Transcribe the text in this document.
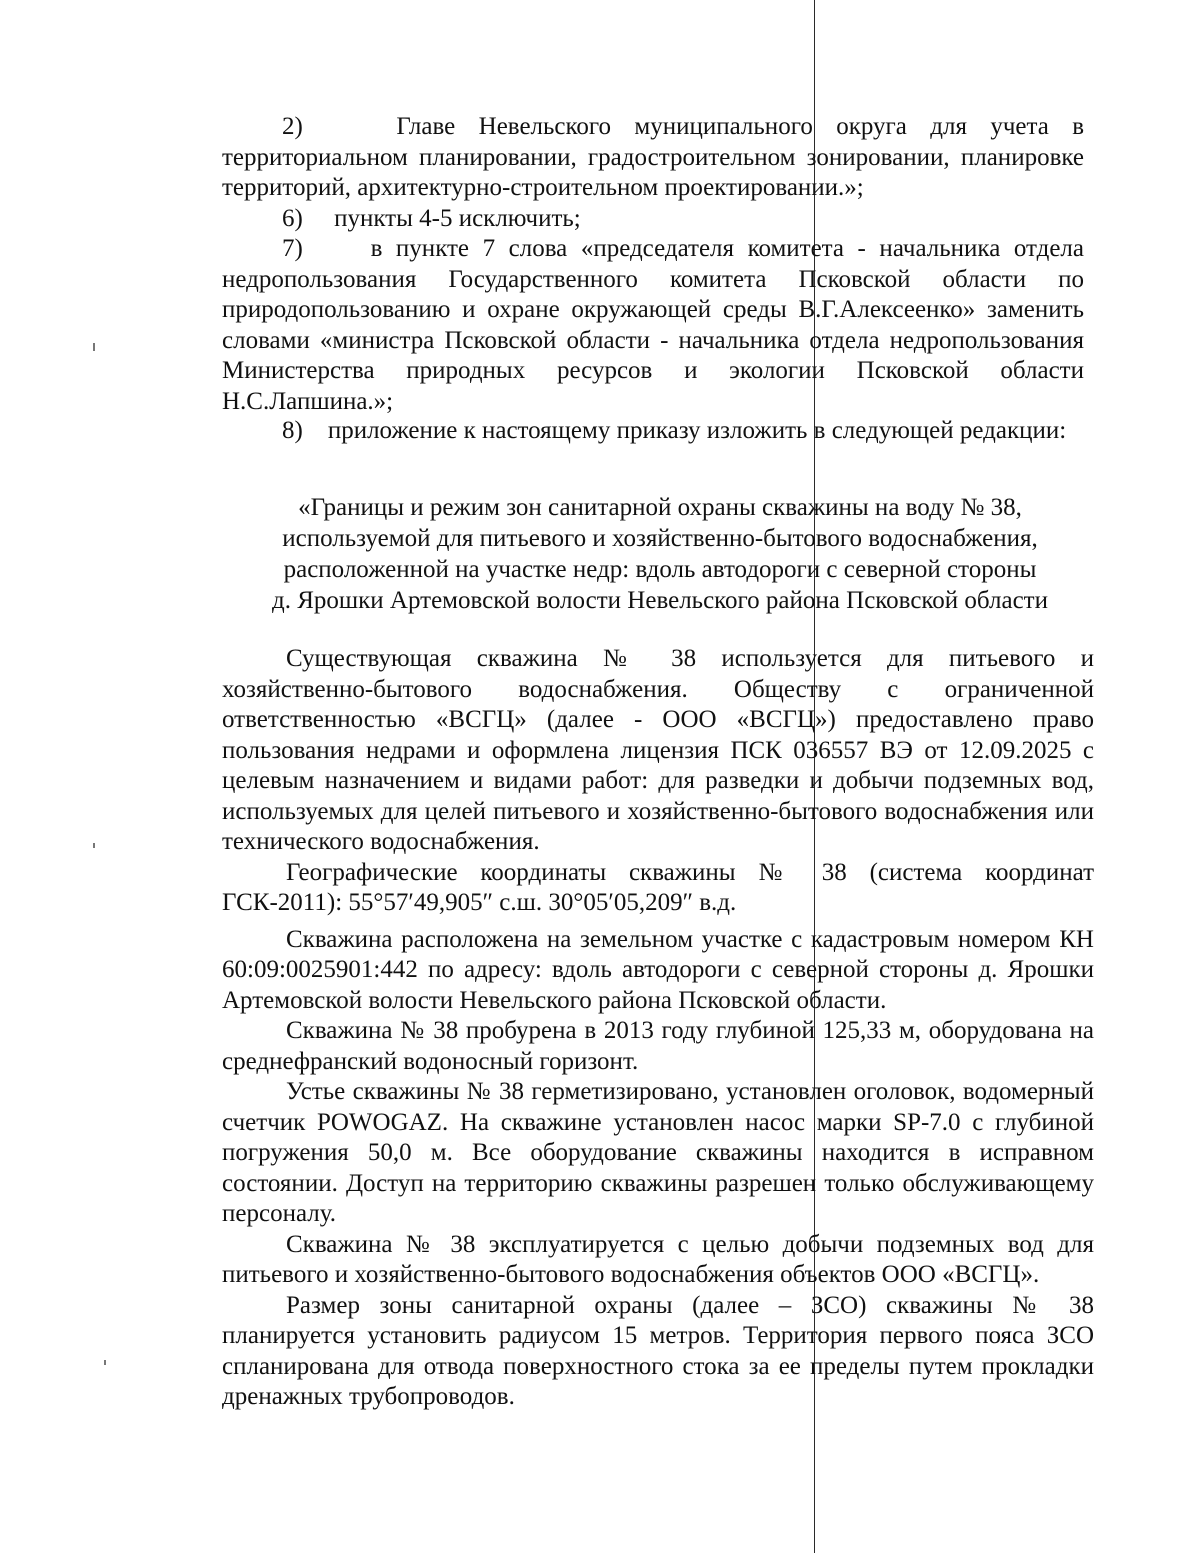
2)	Главе Невельского муниципального округа для учета в территориальном планировании, градостроительном зонировании, планировке территорий, архитектурно-строительном проектировании.»;

6) пункты 4-5 исключить;

7)	в пункте 7 слова «председателя комитета - начальника отдела недропользования Государственного комитета Псковской области по природопользованию и охране окружающей среды В.Г.Алексеенко» заменить словами «министра Псковской области - начальника отдела недропользования Министерства природных ресурсов и экологии Псковской области Н.С.Лапшина.»;

8) приложение к настоящему приказу изложить в следующей редакции:

«Границы и режим зон санитарной охраны скважины на воду № 38,
используемой для питьевого и хозяйственно-бытового водоснабжения,
расположенной на участке недр: вдоль автодороги с северной стороны
д. Ярошки Артемовской волости Невельского района Псковской области

Существующая скважина № 38 используется для питьевого и хозяйственно-бытового водоснабжения. Обществу с ограниченной ответственностью «ВСГЦ» (далее - ООО «ВСГЦ») предоставлено право пользования недрами и оформлена лицензия ПСК 036557 ВЭ от 12.09.2025 с целевым назначением и видами работ: для разведки и добычи подземных вод, используемых для целей питьевого и хозяйственно-бытового водоснабжения или технического водоснабжения.

Географические координаты скважины № 38 (система координат ГСК-2011): 55°57′49,905″ с.ш. 30°05′05,209″ в.д.

Скважина расположена на земельном участке с кадастровым номером КН 60:09:0025901:442 по адресу: вдоль автодороги с северной стороны д. Ярошки Артемовской волости Невельского района Псковской области.

Скважина № 38 пробурена в 2013 году глубиной 125,33 м, оборудована на среднефранский водоносный горизонт.

Устье скважины № 38 герметизировано, установлен оголовок, водомерный счетчик POWOGAZ. На скважине установлен насос марки SP-7.0 с глубиной погружения 50,0 м. Все оборудование скважины находится в исправном состоянии. Доступ на территорию скважины разрешен только обслуживающему персоналу.

Скважина № 38 эксплуатируется с целью добычи подземных вод для питьевого и хозяйственно-бытового водоснабжения объектов ООО «ВСГЦ».

Размер зоны санитарной охраны (далее – ЗСО) скважины № 38 планируется установить радиусом 15 метров. Территория первого пояса ЗСО спланирована для отвода поверхностного стока за ее пределы путем прокладки дренажных трубопроводов.
